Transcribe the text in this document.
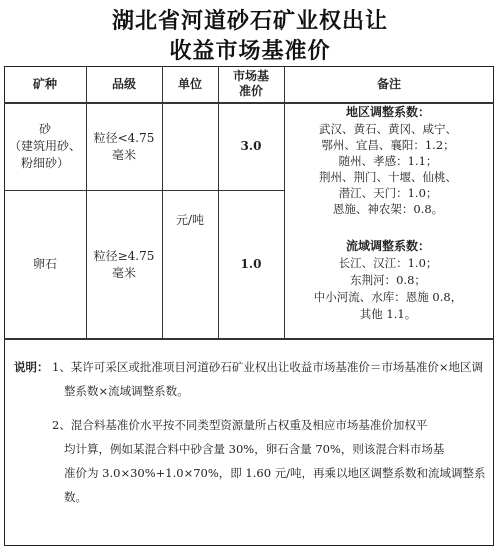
湖北省河道砂石矿业权出让
收益市场基准价
矿种	品级	单位
市场基
准价
备注
砂
（建筑用砂、
粉细砂）
粒径<4.75
毫米
3.0
卵石
粒径≥4.75
毫米
1.0
元/吨
地区调整系数：
武汉、黄石、黄冈、咸宁、
鄂州、宜昌、襄阳：1.2；
随州、孝感：1.1；
荆州、荆门、十堰、仙桃、
潜江、天门：1.0；
恩施、神农架：0.8。
流域调整系数：
长江、汉江：1.0；
东荆河：0.8；
中小河流、水库：恩施 0.8，
其他 1.1。
说明： 1、某许可采区或批准项目河道砂石矿业权出让收益市场基准价＝市场基准价×地区调
整系数×流域调整系数。
2、混合料基准价水平按不同类型资源量所占权重及相应市场基准价加权平
均计算，例如某混合料中砂含量 30%，卵石含量 70%，则该混合料市场基
准价为 3.0×30%+1.0×70%，即 1.60 元/吨，再乘以地区调整系数和流域调整系
数。
